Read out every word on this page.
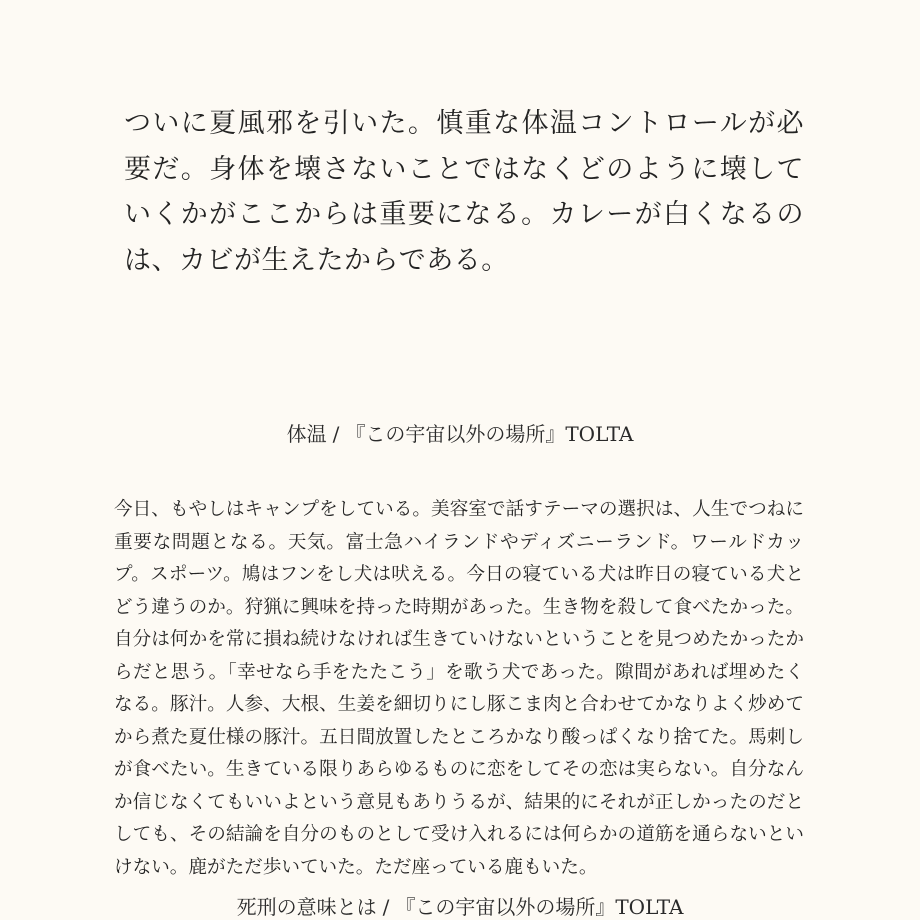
ついに夏風邪を引いた。慎重な体温コントロールが必要だ。身体を壊さないことではなくどのように壊していくかがここからは重要になる。カレーが白くなるのは、カビが生えたからである。

体温 / 『この宇宙以外の場所』TOLTA

今日、もやしはキャンプをしている。美容室で話すテーマの選択は、人生でつねに重要な問題となる。天気。富士急ハイランドやディズニーランド。ワールドカップ。スポーツ。鳩はフンをし犬は吠える。今日の寝ている犬は昨日の寝ている犬とどう違うのか。狩猟に興味を持った時期があった。生き物を殺して食べたかった。自分は何かを常に損ね続けなければ生きていけないということを見つめたかったからだと思う。「幸せなら手をたたこう」を歌う犬であった。隙間があれば埋めたくなる。豚汁。人参、大根、生姜を細切りにし豚こま肉と合わせてかなりよく炒めてから煮た夏仕様の豚汁。五日間放置したところかなり酸っぱくなり捨てた。馬刺しが食べたい。生きている限りあらゆるものに恋をしてその恋は実らない。自分なんか信じなくてもいいよという意見もありうるが、結果的にそれが正しかったのだとしても、その結論を自分のものとして受け入れるには何らかの道筋を通らないといけない。鹿がただ歩いていた。ただ座っている鹿もいた。

死刑の意味とは / 『この宇宙以外の場所』TOLTA
